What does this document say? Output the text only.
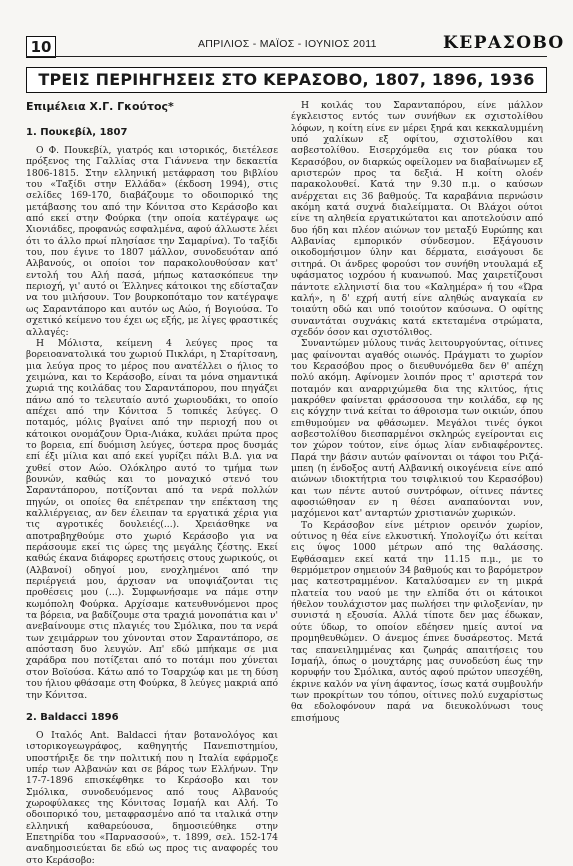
10	ΑΠΡΙΛΙΟΣ - ΜΑΪΟΣ - ΙΟΥΝΙΟΣ 2011	ΚΕΡΑΣΟΒΟ
ΤΡΕΙΣ ΠΕΡΙΗΓΗΣΕΙΣ ΣΤΟ ΚΕΡΑΣΟΒΟ, 1807, 1896, 1936

Επιμέλεια Χ.Γ. Γκούτος*

1. Πουκεβίλ, 1807

Ο Φ. Πουκεβίλ, γιατρός και ιστορικός, διετέλεσε πρόξενος της Γαλλίας στα Γιάννενα την δεκαετία 1806-1815. Στην ελληνική μετάφραση του βιβλίου του «Ταξίδι στην Ελλάδα» (έκδοση 1994), στις σελίδες 169-170, διαβάζουμε το οδοιπορικό της μετάβασης του από την Κόνιτσα στο Κεράσοβο και από εκεί στην Φούρκα (την οποία κατέγραψε ως Χιονιάδες, προφανώς εσφαλμένα, αφού άλλωστε λέει ότι το άλλο πρωί πλησίασε την Σαμαρίνα). Το ταξίδι του, που έγινε το 1807 μάλλον, συνοδευόταν από Αλβανούς, οι οποίοι τον παρακολουθούσαν κατ' εντολή του Αλή πασά, μήπως κατασκόπευε την περιοχή, γι' αυτό οι Έλληνες κάτοικοι της εδίσταζαν να του μιλήσουν. Τον βουρκοπόταμο τον κατέγραψε ως Σαραντάπορο και αυτόν ως Αώο, ή Βογιούσα. Το σχετικό κείμενο του έχει ως εξής, με λίγες φραστικές αλλαγές:

Η Μόλιστα, κείμενη 4 λεύγες προς τα βορειοανατολικά του χωριού Πικλάρι, η Σταρίτσανη, μια λεύγα προς το μέρος που ανατέλλει ο ήλιος το χειμώνα, και το Κεράσοβο, είναι τα μόνα σημαντικά χωριά της κοιλάδας του Σαραντάπορου, που πηγάζει πάνω από το τελευταίο αυτό χωριουδάκι, το οποίο απέχει από την Κόνιτσα 5 τοπικές λεύγες. Ο ποταμός, μόλις βγαίνει από την περιοχή που οι κάτοικοι ονομάζουν Όρια-Λιάκα, κυλάει πρώτα προς το βορεια, επί δυόμιση λεύγες, ύστερα προς δυσμάς επί έξι μίλια και από εκεί γυρίζει πάλι Β.Δ. για να χυθεί στον Αώο. Ολόκληρο αυτό το τμήμα των βουνών, καθώς και το μοναχικό στενό του Σαραντάπορου, ποτίζονται από τα νερά πολλών πηγών, οι οποίες θα επέτρεπαν την επέκταση της καλλιέργειας, αν δεν έλειπαν τα εργατικά χέρια για τις αγροτικές δουλειές(...). Χρειάσθηκε να αποτραβηχθούμε στο χωριό Κεράσοβο για να περάσουμε εκεί τις ώρες της μεγάλης ζέστης. Εκεί καθώς έκανα διάφορες ερωτήσεις στους χωρικούς, οι (Αλβανοί) οδηγοί μου, ενοχλημένοι από την περιέργειά μου, άρχισαν να υποψιάζονται τις προθέσεις μου (...). Συμφωνήσαμε να πάμε στην κωμόπολη Φούρκα. Αρχίσαμε κατευθυνόμενοι προς τα βόρεια, να βαδίζουμε στα τραχιά μονοπάτια και ν' ανεβαίνουμε στις πλαγιές του Σμόλικα, που τα νερά των χειμάρρων του χύνονται στον Σαραντάπορο, σε απόσταση δυο λευγών. Απ' εδώ μπήκαμε σε μια χαράδρα που ποτίζεται από το ποτάμι που χύνεται στον Βοϊούσα. Κάτω από το Τσαρχώφ και με τη δύση του ήλιου φθάσαμε στη Φούρκα, 8 λεύγες μακριά από την Κόνιτσα.

2. Baldacci 1896

Ο Ιταλός Ant. Baldacci ήταν βοτανολόγος και ιστορικογεωγράφος, καθηγητής Πανεπιστημίου, υποστήριξε δε την πολιτική που η Ιταλία εφάρμοζε υπέρ των Αλβανών και σε βάρος των Ελλήνων. Την 17-7-1896 επισκέφθηκε το Κεράσοβο και τον Σμόλικα, συνοδευόμενος από τους Αλβανούς χωροφύλακες της Κόνιτσας Ισμαήλ και Αλή. Το οδοιπορικό του, μεταφρασμένο από τα ιταλικά στην ελληνική καθαρεύουσα, δημοσιεύθηκε στην Επετηρίδα του «Παρνασσού», τ. 1899, σελ. 152-174 αναδημοσιεύεται δε εδώ ως προς τις αναφορές του στο Κεράσοβο:

Η κοιλάς του Σαρανταπόρου, είνε μάλλον έγκλειστος εντός των συνήθων εκ σχιστολίθου λόφων, η κοίτη είνε εν μέρει ξηρά και κεκκαλυμμένη υπό χαλίκων εξ οφίτου, σχιστολίθου και ασβεστολίθου. Εισερχόμεθα εις τον ρύακα του Κερασόβου, ον διαρκώς οφείλομεν να διαβαίνωμεν εξ αριστερών προς τα δεξιά. Η κοίτη ολοέν παρακολουθεί. Κατά την 9.30 π.μ. ο καύσων ανέρχεται εις 36 βαθμούς. Τα καραβάνια περνώσιν ακόμη κατά συχνά διαλείμματα. Οι Βλάχοι ούτοι είνε τη αληθεία εργατικώτατοι και αποτελούσιν από δυο ήδη και πλέον αιώνων τον μεταξύ Ευρώπης και Αλβανίας εμπορικόν σύνδεσμον. Εξάγουσιν οικοδομήσιμον ύλην και δέρματα, εισάγουσι δε σιτηρά. Οι άνδρες φορούσι τον συνήθη ντουλαμά εξ υφάσματος ιοχρόου ή κυανωπού. Μας χαιρετίζουσι πάντοτε ελληνιστί δια του «Καλημέρα» ή του «Ώρα καλή», η δ' εχρή αυτή είνε αληθώς αναγκαία εν τοιαύτη οδώ και υπό τοιούτον καύσωνα. Ο οφίτης συναντάται συχνάκις κατά εκτεταμένα στρώματα, σχεδόν όσον και σχιστόλιθος.

Συναντώμεν μύλους τινάς λειτουργούντας, οίτινες μας φαίνονται αγαθός οιωνός. Πράγματι το χωρίον του Κερασόβου προς ο διευθυνόμεθα δεν θ' απέχη πολύ ακόμη. Αφίνομεν λοιπόν προς τ' αριστερά τον ποταμόν και αναρριχώμεθα δια της κλιτύος, ήτις μακρόθεν φαίνεται φράσσουσα την κοιλάδα, εφ ης εις κόγχην τινά κείται το άθροισμα των οικιών, όπου επιθυμούμεν να φθάσωμεν. Μεγάλοι τινές όγκοι ασβεστολίθου διεσπαρμένοι σκληρώς εγείρονται εις τον χώρον τούτον, είνε όμως λίαν ενδιαφέροντες. Παρά την βάσιν αυτών φαίνονται οι τάφοι του Ριζά-μπεη (η ένδοξος αυτή Αλβανική οικογένεια είνε από αιώνων ιδιοκτήτρια του τσιφλικιού του Κερασόβου) και των πέντε αυτού συντρόφων, οίτινες πάντες αφοσιώθησαν εν η θέσει αναπαύονται νυν, μαχόμενοι κατ' ανταρτών χριστιανών χωρικών.

Το Κεράσοβον είνε μέτριον ορεινόν χωρίον, ούτινος η θέα είνε ελκυστική. Υπολογίζω ότι κείται εις ύψος 1000 μέτρων από της θαλάσσης. Εφθάσαμεν εκεί κατά την 11.15 π.μ., με το θερμόμετρον σημειούν 34 βαθμούς και το βαρόμετρον μας κατεστραμμένον. Καταλύσαμεν εν τη μικρά πλατεία του ναού με την ελπίδα ότι οι κάτοικοι ήθελον τουλάχιστον μας πωλήσει την φιλοξενίαν, ην συνιστά η εξουσία. Αλλά τίποτε δεν μας έδωκαν, ούτε ύδωρ, το οποίον εδέησεν ημείς αυτοί να προμηθευθώμεν. Ο άνεμος έπνεε δυσάρεστος. Μετά τας επανειλημμένας και ζωηράς απαιτήσεις του Ισμαήλ, όπως ο μουχτάρης μας συνοδεύση έως την κορυφήν του Σμόλικα, αυτός αφού πρώτον υπεσχέθη, έκρινε καλόν να γίνη άφαντος, ίσως κατά συμβουλήν των προκρίτων του τόπου, οίτινες πολύ ευχαρίστως θα εδολοφόνουν παρά να διευκολύνωσι τους επισήμους
